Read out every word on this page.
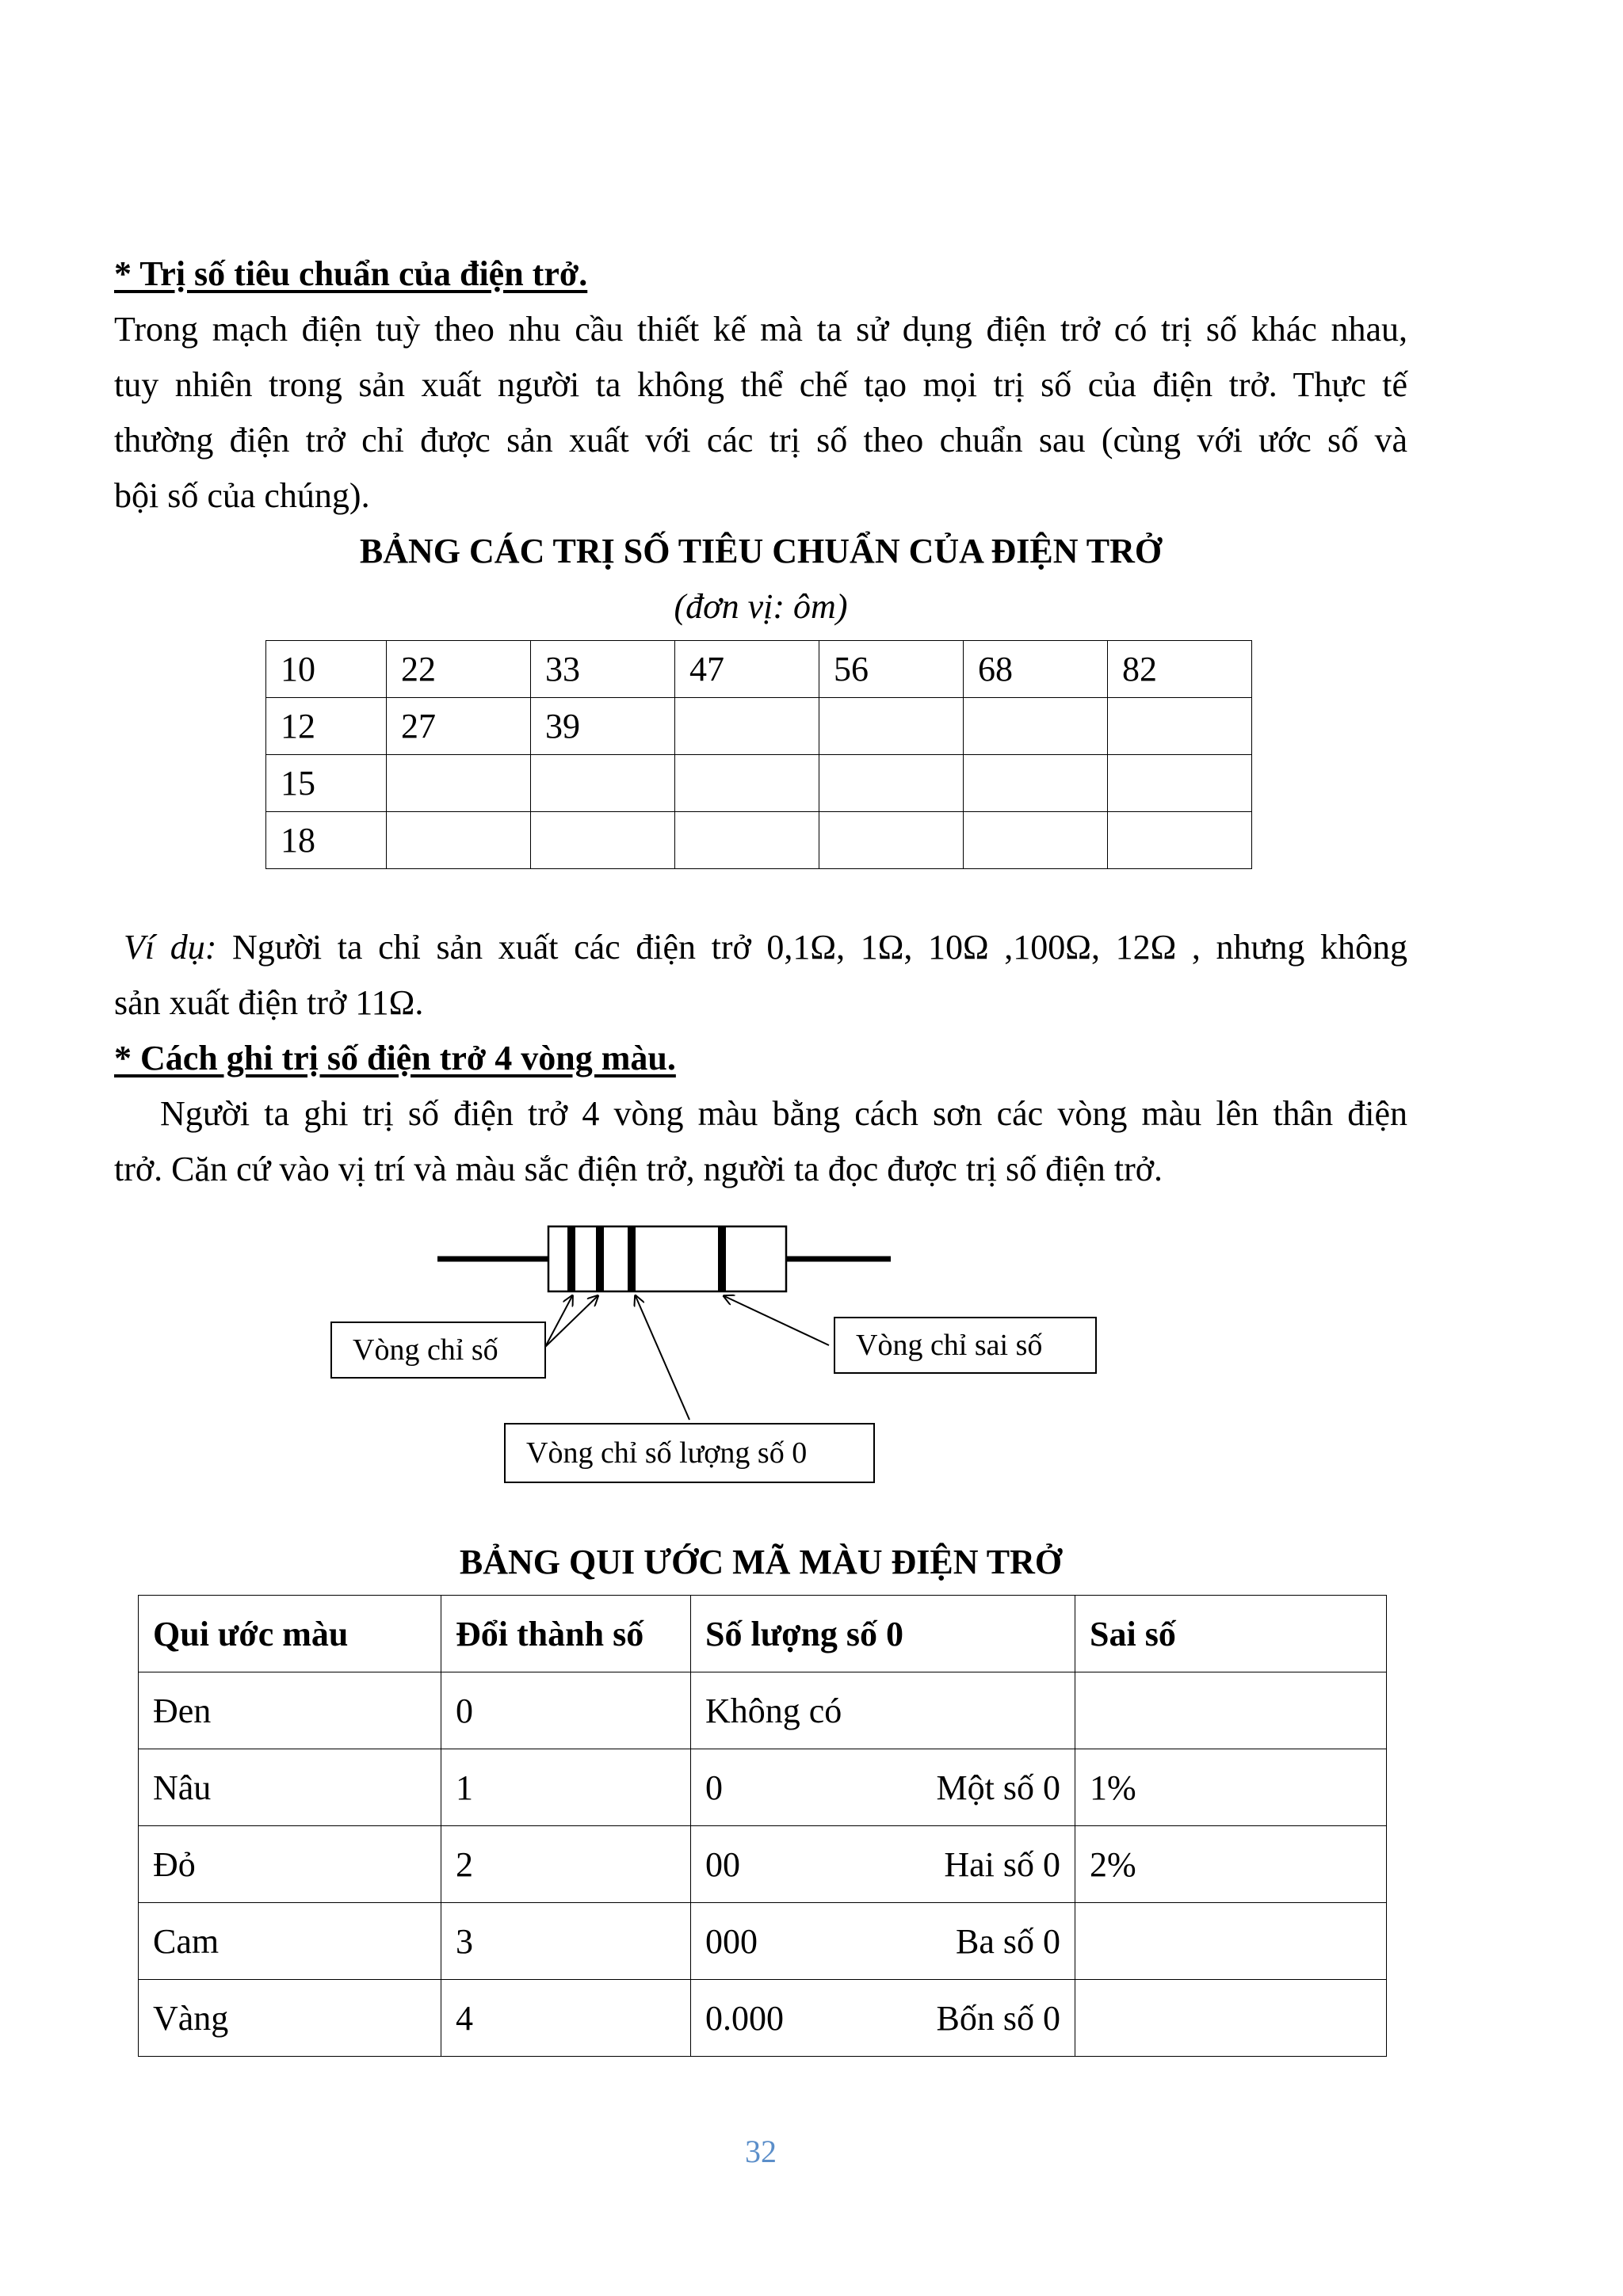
* Trị số tiêu chuẩn của điện trở.
Trong mạch điện tuỳ theo nhu cầu thiết kế mà ta sử dụng điện trở có trị số khác nhau,
tuy nhiên trong sản xuất người ta không thể chế tạo mọi trị số của điện trở. Thực tế
thường điện trở chỉ được sản xuất với các trị số theo chuẩn sau (cùng với ước số và
bội số của chúng).
BẢNG CÁC TRỊ SỐ TIÊU CHUẨN CỦA ĐIỆN TRỞ
(đơn vị: ôm)
10	22	33	47	56	68	82
12	27	39				
15						
18						
Ví dụ: Người ta chỉ sản xuất các điện trở 0,1Ω, 1Ω, 10Ω ,100Ω, 12Ω , nhưng không
sản xuất điện trở 11Ω.
* Cách ghi trị số điện trở 4 vòng màu.
Người ta ghi trị số điện trở 4 vòng màu bằng cách sơn các vòng màu lên thân điện
trở. Căn cứ vào vị trí và màu sắc điện trở, người ta đọc được trị số điện trở.
Vòng chỉ số	Vòng chỉ sai số
Vòng chỉ số lượng số 0
BẢNG QUI ƯỚC MÃ MÀU ĐIỆN TRỞ
Qui ước màu	Đổi thành số	Số lượng số 0	Sai số
Đen	0	Không có	

Nâu	1	0 Một số 0	1%
Đỏ	2	00 Hai số 0	2%
Cam	3	000 Ba số 0	

Vàng	4	0.000 Bốn số 0	

32
